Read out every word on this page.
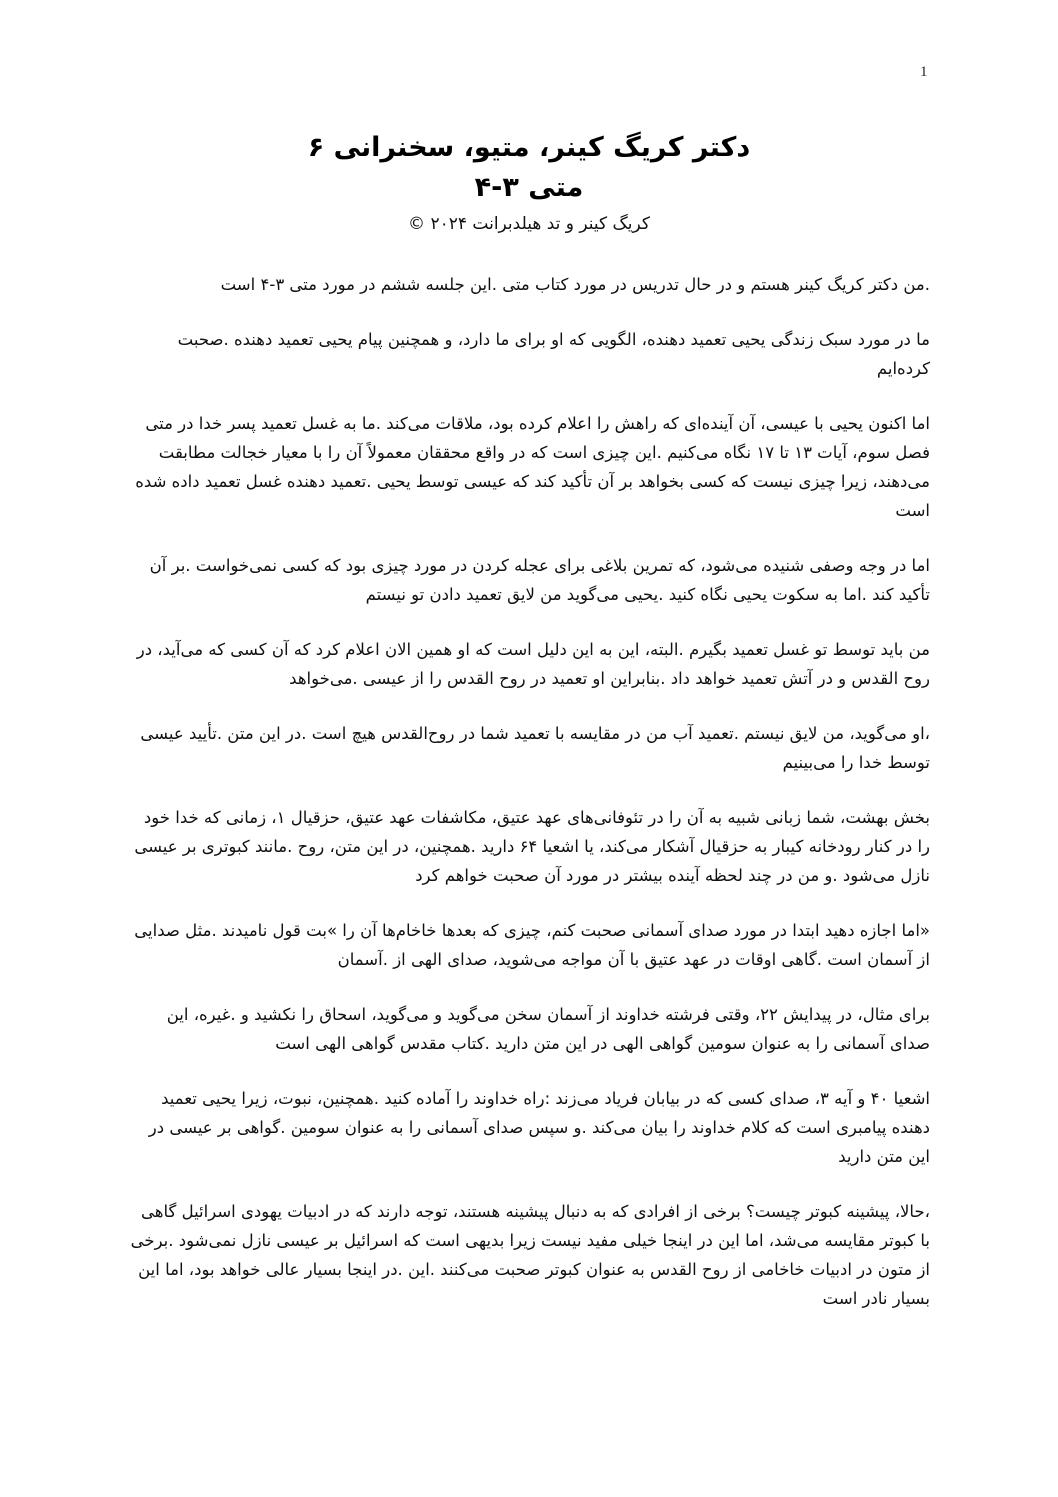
1
دکتر کریگ کینر، متیو، سخنرانی ۶
متی ۳-۴
کریگ کینر و تد هیلدبرانت ۲۰۲۴ ©

.من دکتر کریگ کینر هستم و در حال تدریس در مورد کتاب متی .این جلسه ششم در مورد متی ۳-۴ است

ما در مورد سبک زندگی یحیی تعمید دهنده، الگویی که او برای ما دارد، و همچنین پیام یحیی تعمید دهنده .صحبت کرده‌ایم

اما اکنون یحیی با عیسی، آن آینده‌ای که راهش را اعلام کرده بود، ملاقات می‌کند .ما به غسل تعمید پسر خدا در متی فصل سوم، آیات ۱۳ تا ۱۷ نگاه می‌کنیم .این چیزی است که در واقع محققان معمولاً آن را با معیار خجالت مطابقت می‌دهند، زیرا چیزی نیست که کسی بخواهد بر آن تأکید کند که عیسی توسط یحیی .تعمید دهنده غسل تعمید داده شده است

اما در وجه وصفی شنیده می‌شود، که تمرین بلاغی برای عجله کردن در مورد چیزی بود که کسی نمی‌خواست .بر آن تأکید کند .اما به سکوت یحیی نگاه کنید .یحیی می‌گوید من لایق تعمید دادن تو نیستم

من باید توسط تو غسل تعمید بگیرم .البته، این به این دلیل است که او همین الان اعلام کرد که آن کسی که می‌آید، در روح القدس و در آتش تعمید خواهد داد .بنابراین او تعمید در روح القدس را از عیسی .می‌خواهد

،او می‌گوید، من لایق نیستم .تعمید آب من در مقایسه با تعمید شما در روح‌القدس هیچ است .در این متن .تأیید عیسی توسط خدا را می‌بینیم

بخش بهشت، شما زبانی شبیه به آن را در تئوفانی‌های عهد عتیق، مکاشفات عهد عتیق، حزقیال ۱، زمانی که خدا خود را در کنار رودخانه کیبار به حزقیال آشکار می‌کند، یا اشعیا ۶۴ دارید .همچنین، در این متن، روح .مانند کبوتری بر عیسی نازل می‌شود .و من در چند لحظه آینده بیشتر در مورد آن صحبت خواهم کرد

«اما اجازه دهید ابتدا در مورد صدای آسمانی صحبت کنم، چیزی که بعدها خاخام‌ها آن را »بت قول نامیدند .مثل صدایی از آسمان است .گاهی اوقات در عهد عتیق با آن مواجه می‌شوید، صدای الهی از .آسمان

برای مثال، در پیدایش ۲۲، وقتی فرشته خداوند از آسمان سخن می‌گوید و می‌گوید، اسحاق را نکشید و .غیره، این صدای آسمانی را به عنوان سومین گواهی الهی در این متن دارید .کتاب مقدس گواهی الهی است

اشعیا ۴۰ و آیه ۳، صدای کسی که در بیابان فریاد می‌زند :راه خداوند را آماده کنید .همچنین، نبوت، زیرا یحیی تعمید دهنده پیامبری است که کلام خداوند را بیان می‌کند .و سپس صدای آسمانی را به عنوان سومین .گواهی بر عیسی در این متن دارید

،حالا، پیشینه کبوتر چیست؟ برخی از افرادی که به دنبال پیشینه هستند، توجه دارند که در ادبیات یهودی اسرائیل گاهی با کبوتر مقایسه می‌شد، اما این در اینجا خیلی مفید نیست زیرا بدیهی است که اسرائیل بر عیسی نازل نمی‌شود .برخی از متون در ادبیات خاخامی از روح القدس به عنوان کبوتر صحبت می‌کنند .این .در اینجا بسیار عالی خواهد بود، اما این بسیار نادر است
